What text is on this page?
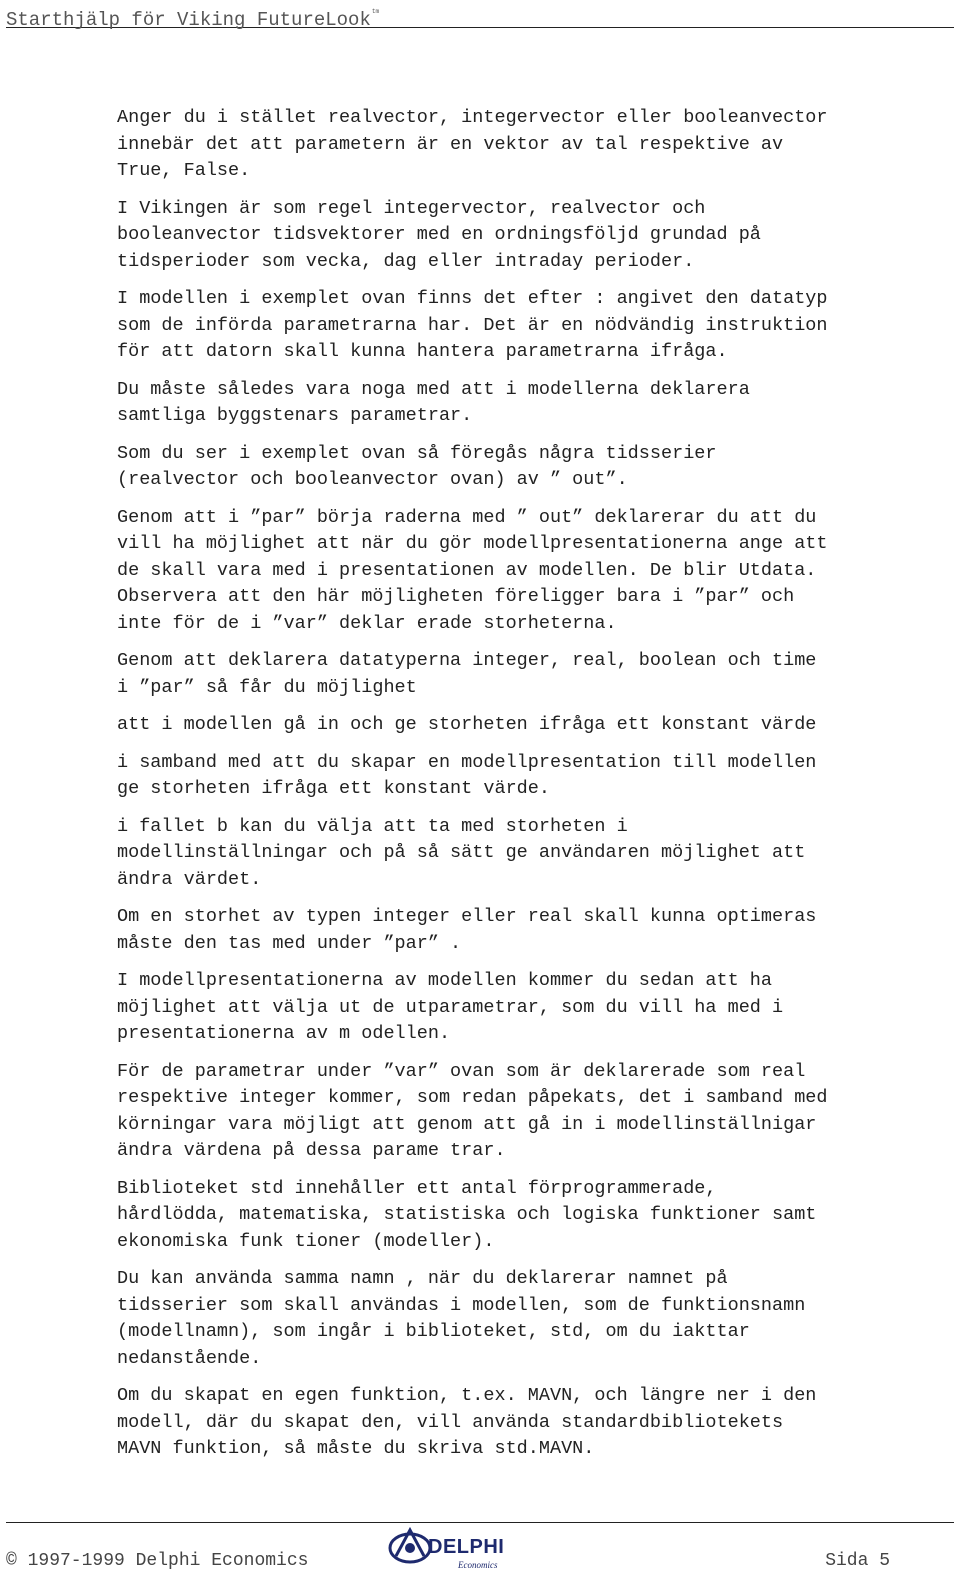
Starthjälp för Viking FutureLook$^{tm}$

Anger du i stället realvector, integervector eller booleanvector
innebär det att parametern är en vektor av tal respektive av
True, False.

I Vikingen är som regel integervector, realvector och
booleanvector tidsvektorer med en ordningsföljd grundad på
tidsperioder som vecka, dag eller intraday perioder.

I modellen i exemplet ovan finns det efter : angivet den datatyp
som de införda parametrarna har. Det är en nödvändig instruktion
för att datorn skall kunna hantera parametrarna ifråga.

Du måste således vara noga med att i modellerna deklarera
samtliga byggstenars parametrar.

Som du ser i exemplet ovan så föregås några tidsserier
(realvector och booleanvector ovan) av ” out”.

Genom att i ”par” börja raderna med ” out” deklarerar du att du
vill ha möjlighet att när du gör modellpresentationerna ange att
de skall vara med i presentationen av modellen. De blir Utdata.
Observera att den här möjligheten föreligger bara i ”par” och
inte för de i ”var” deklar erade storheterna.

Genom att deklarera datatyperna integer, real, boolean och time
i ”par” så får du möjlighet

att i modellen gå in och ge storheten ifråga ett konstant värde

i samband med att du skapar en modellpresentation till modellen
ge storheten ifråga ett konstant värde.

i fallet b kan du välja att ta med storheten i
modellinställningar och på så sätt ge användaren möjlighet att
ändra värdet.

Om en storhet av typen integer eller real skall kunna optimeras
måste den tas med under ”par” .

I modellpresentationerna av modellen kommer du sedan att ha
möjlighet att välja ut de utparametrar, som du vill ha med i
presentationerna av m odellen.

För de parametrar under ”var” ovan som är deklarerade som real
respektive integer kommer, som redan påpekats, det i samband med
körningar vara möjligt att genom att gå in i modellinställnigar
ändra värdena på dessa parame trar.

Biblioteket std innehåller ett antal förprogrammerade,
hårdlödda, matematiska, statistiska och logiska funktioner samt
ekonomiska funk tioner (modeller).

Du kan använda samma namn , när du deklarerar namnet på
tidsserier som skall användas i modellen, som de funktionsnamn
(modellnamn), som ingår i biblioteket, std, om du iakttar
nedanstående.

Om du skapat en egen funktion, t.ex. MAVN, och längre ner i den
modell, där du skapat den, vill använda standardbibliotekets
MAVN funktion, så måste du skriva std.MAVN.

© 1997-1999 Delphi Economics
DELPHI
Economics	Sida 5
